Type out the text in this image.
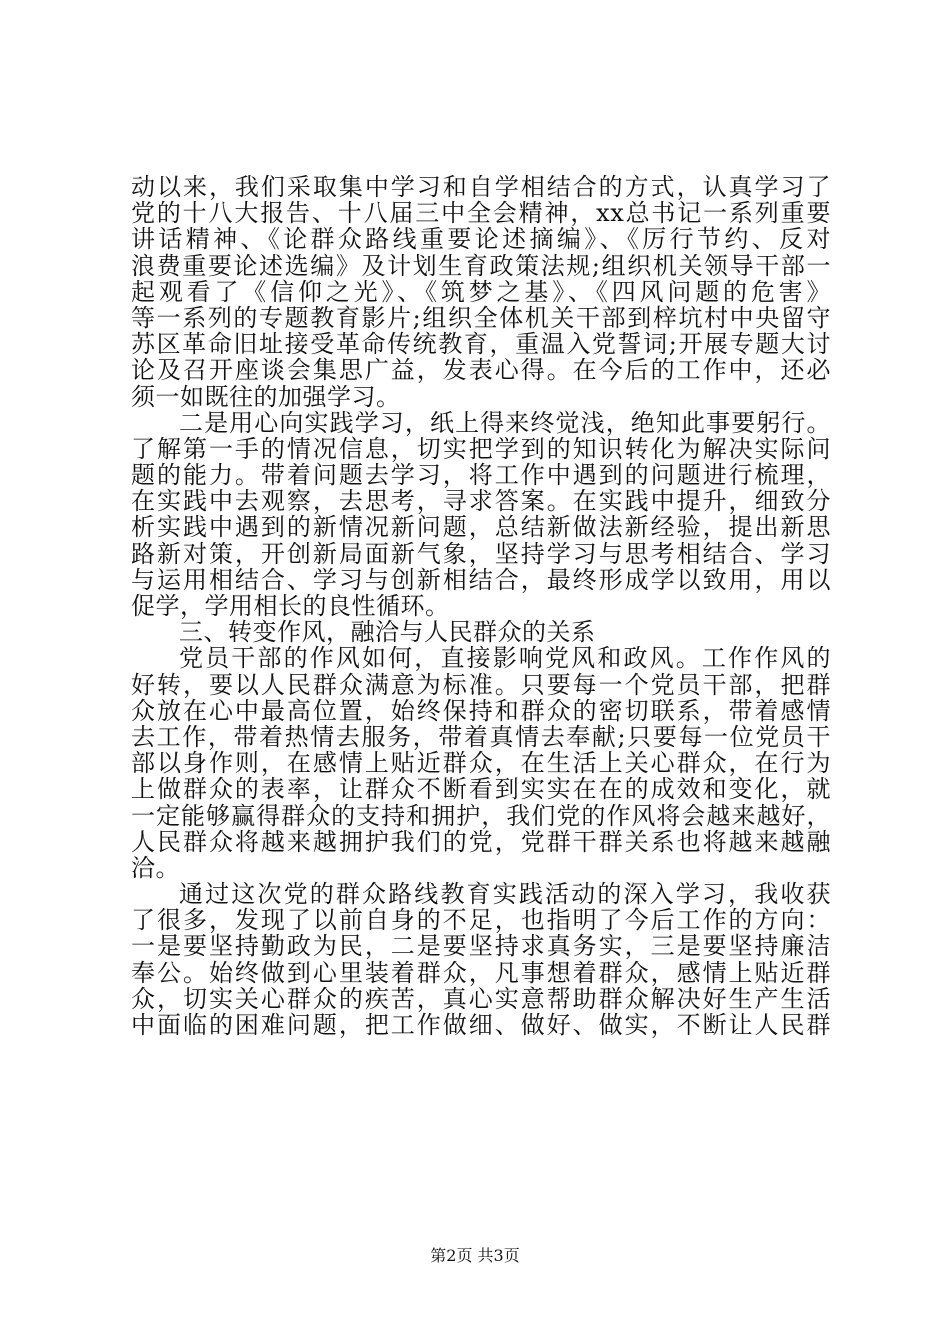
动以来，我们采取集中学习和自学相结合的方式，认真学习了
党的十八大报告、十八届三中全会精神，xx总书记一系列重要
讲话精神、《论群众路线重要论述摘编》、《厉行节约、反对
浪费重要论述选编》及计划生育政策法规;组织机关领导干部一
起观看了《信仰之光》、《筑梦之基》、《四风问题的危害》
等一系列的专题教育影片;组织全体机关干部到梓坑村中央留守
苏区革命旧址接受革命传统教育，重温入党誓词;开展专题大讨
论及召开座谈会集思广益，发表心得。在今后的工作中，还必
须一如既往的加强学习。
二是用心向实践学习，纸上得来终觉浅，绝知此事要躬行。
了解第一手的情况信息，切实把学到的知识转化为解决实际问
题的能力。带着问题去学习，将工作中遇到的问题进行梳理，
在实践中去观察，去思考，寻求答案。在实践中提升，细致分
析实践中遇到的新情况新问题，总结新做法新经验，提出新思
路新对策，开创新局面新气象，坚持学习与思考相结合、学习
与运用相结合、学习与创新相结合，最终形成学以致用，用以
促学，学用相长的良性循环。
三、转变作风，融洽与人民群众的关系
党员干部的作风如何，直接影响党风和政风。工作作风的
好转，要以人民群众满意为标准。只要每一个党员干部，把群
众放在心中最高位置，始终保持和群众的密切联系，带着感情
去工作，带着热情去服务，带着真情去奉献;只要每一位党员干
部以身作则，在感情上贴近群众，在生活上关心群众，在行为
上做群众的表率，让群众不断看到实实在在的成效和变化，就
一定能够赢得群众的支持和拥护，我们党的作风将会越来越好，
人民群众将越来越拥护我们的党，党群干群关系也将越来越融
洽。
通过这次党的群众路线教育实践活动的深入学习，我收获
了很多，发现了以前自身的不足，也指明了今后工作的方向：
一是要坚持勤政为民，二是要坚持求真务实，三是要坚持廉洁
奉公。始终做到心里装着群众，凡事想着群众，感情上贴近群
众，切实关心群众的疾苦，真心实意帮助群众解决好生产生活
中面临的困难问题，把工作做细、做好、做实，不断让人民群
第2页 共3页
